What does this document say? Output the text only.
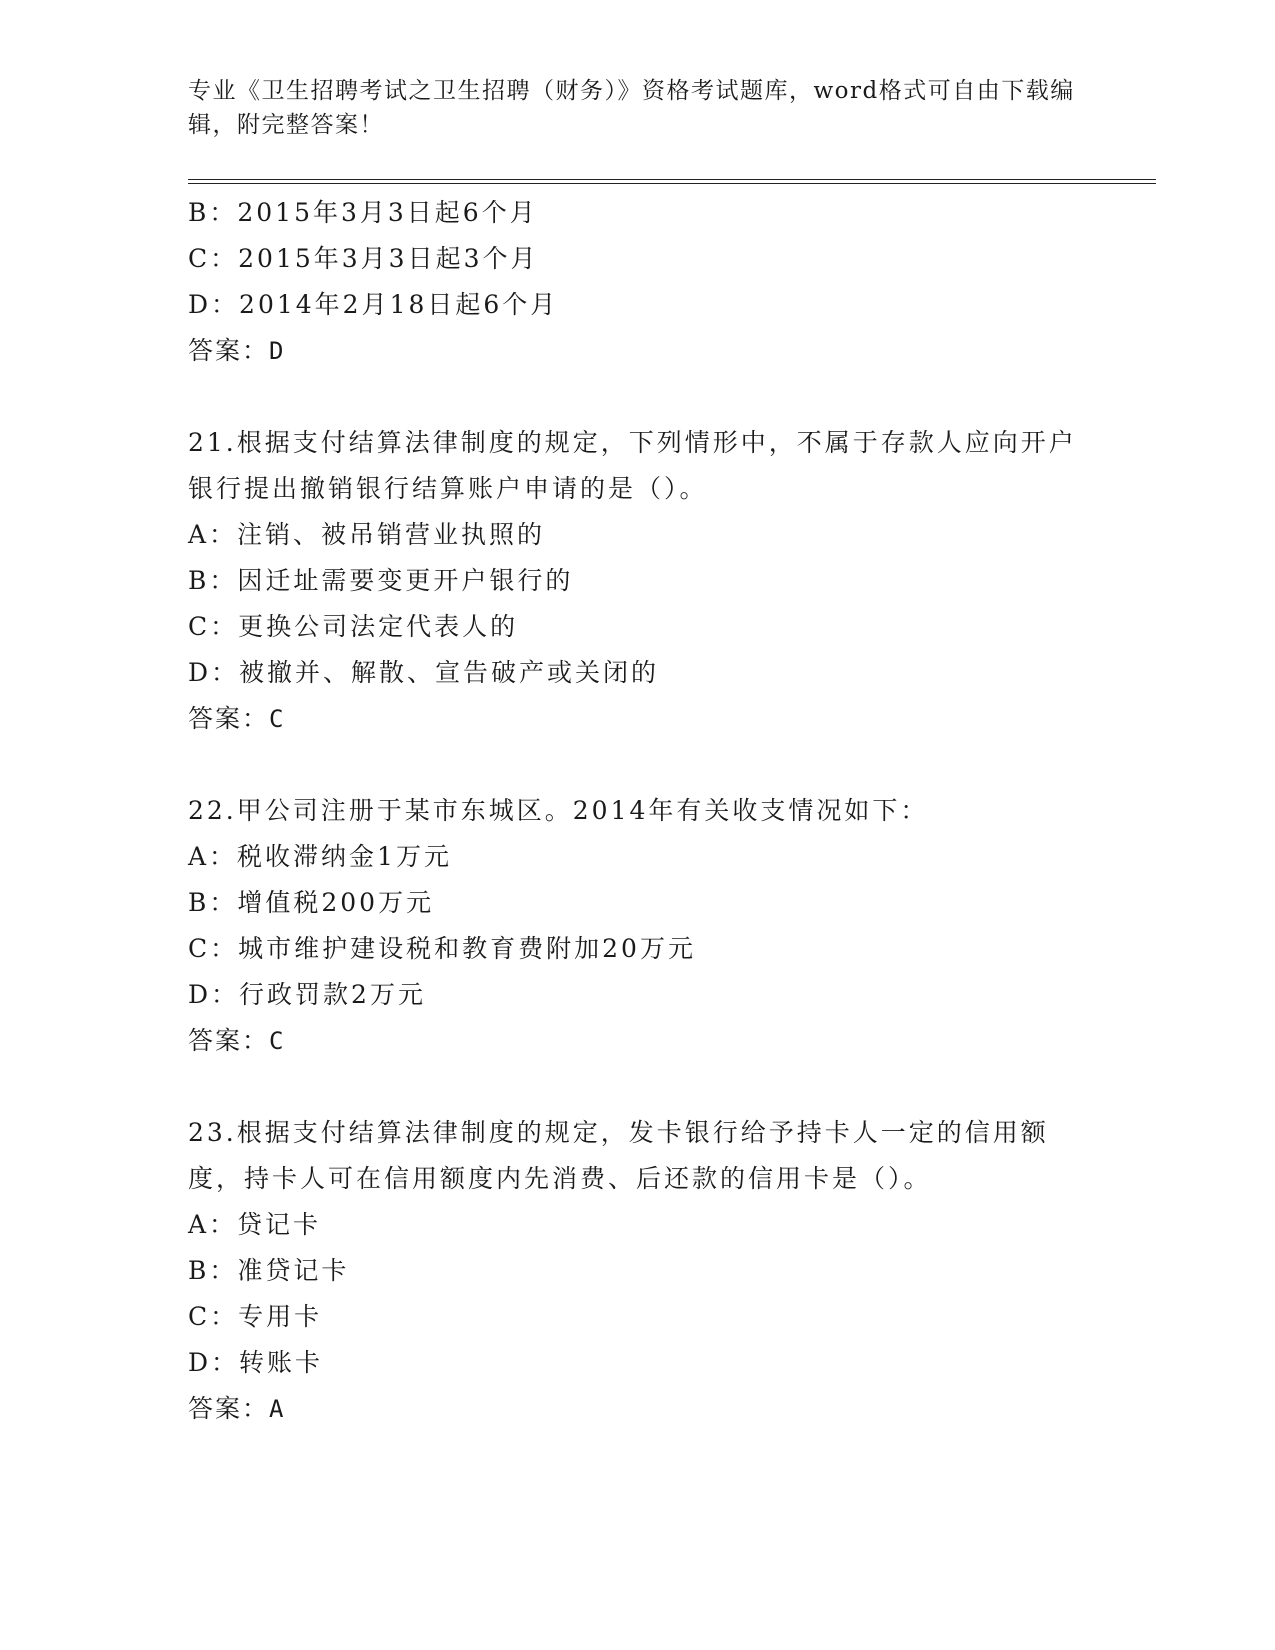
专业《卫生招聘考试之卫生招聘（财务）》资格考试题库，word格式可自由下载编辑，附完整答案！
B：2015年3月3日起6个月
C：2015年3月3日起3个月
D：2014年2月18日起6个月
答案：D
21.根据支付结算法律制度的规定，下列情形中，不属于存款人应向开户银行提出撤销银行结算账户申请的是（）。
A：注销、被吊销营业执照的
B：因迁址需要变更开户银行的
C：更换公司法定代表人的
D：被撤并、解散、宣告破产或关闭的
答案：C
22.甲公司注册于某市东城区。2014年有关收支情况如下：
A：税收滞纳金1万元
B：增值税200万元
C：城市维护建设税和教育费附加20万元
D：行政罚款2万元
答案：C
23.根据支付结算法律制度的规定，发卡银行给予持卡人一定的信用额度，持卡人可在信用额度内先消费、后还款的信用卡是（）。
A：贷记卡
B：准贷记卡
C：专用卡
D：转账卡
答案：A
